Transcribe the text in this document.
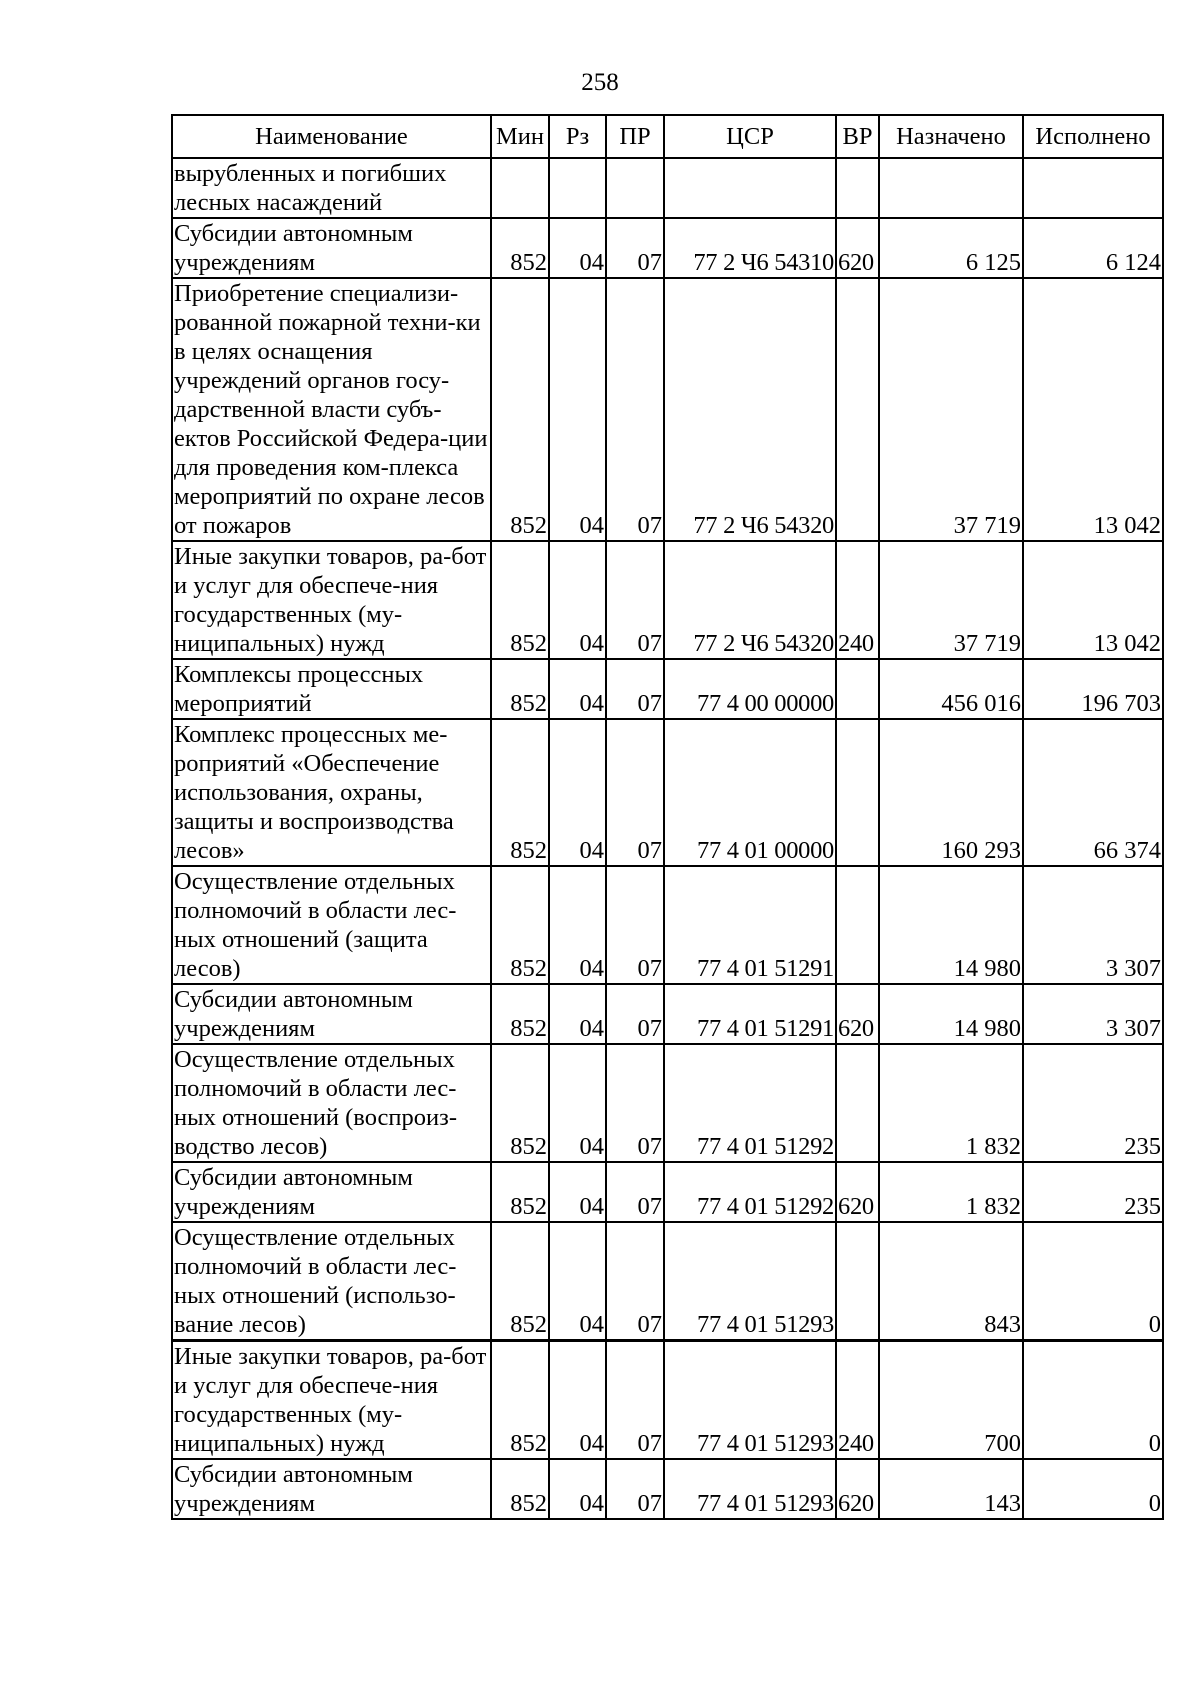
258
Наименование	Мин	Рз	ПР	ЦСР	ВР	Назначено	Исполнено
вырубленных и погибших лесных насаждений							
Субсидии автономным учреждениям	852	04	07	77 2 Ч6 54310	620	6 125	6 124
Приобретение специализи-рованной пожарной техни-ки в целях оснащения учреждений органов госу-дарственной власти субъ-ектов Российской Федера-ции для проведения ком-плекса мероприятий по охране лесов от пожаров	852	04	07	77 2 Ч6 54320		37 719	13 042
Иные закупки товаров, ра-бот и услуг для обеспече-ния государственных (му-ниципальных) нужд	852	04	07	77 2 Ч6 54320	240	37 719	13 042
Комплексы процессных мероприятий	852	04	07	77 4 00 00000		456 016	196 703
Комплекс процессных ме-роприятий «Обеспечение использования, охраны, защиты и воспроизводства лесов»	852	04	07	77 4 01 00000		160 293	66 374
Осуществление отдельных полномочий в области лес-ных отношений (защита лесов)	852	04	07	77 4 01 51291		14 980	3 307
Субсидии автономным учреждениям	852	04	07	77 4 01 51291	620	14 980	3 307
Осуществление отдельных полномочий в области лес-ных отношений (воспроиз-водство лесов)	852	04	07	77 4 01 51292		1 832	235
Субсидии автономным учреждениям	852	04	07	77 4 01 51292	620	1 832	235
Осуществление отдельных полномочий в области лес-ных отношений (использо-вание лесов)	852	04	07	77 4 01 51293		843	0
Иные закупки товаров, ра-бот и услуг для обеспече-ния государственных (му-ниципальных) нужд	852	04	07	77 4 01 51293	240	700	0
Субсидии автономным учреждениям	852	04	07	77 4 01 51293	620	143	0
